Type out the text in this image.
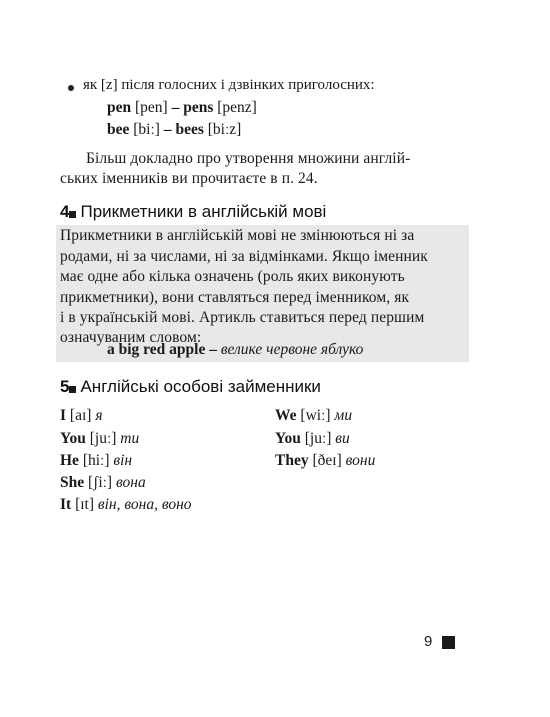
як [z] після голосних і дзвінких приголосних:
pen [pen] – pens [penz]
bee [biː] – bees [biːz]
Більш докладно про утворення множини англій-
ських іменників ви прочитаєте в п. 24.
4 Прикметники в англійській мові
Прикметники в англійській мові не змінюються ні за
родами, ні за числами, ні за відмінками. Якщо іменник
має одне або кілька означень (роль яких виконують
прикметники), вони ставляться перед іменником, як
і в українській мові. Артикль ставиться перед першим
означуваним словом:
a big red apple – велике червоне яблуко
5 Англійські особові займенники
I [aɪ] я
You [juː] ти
He [hiː] він
She [ʃiː] вона
It [ɪt] він, вона, воно
We [wiː] ми
You [juː] ви
They [ðeɪ] вони
9
